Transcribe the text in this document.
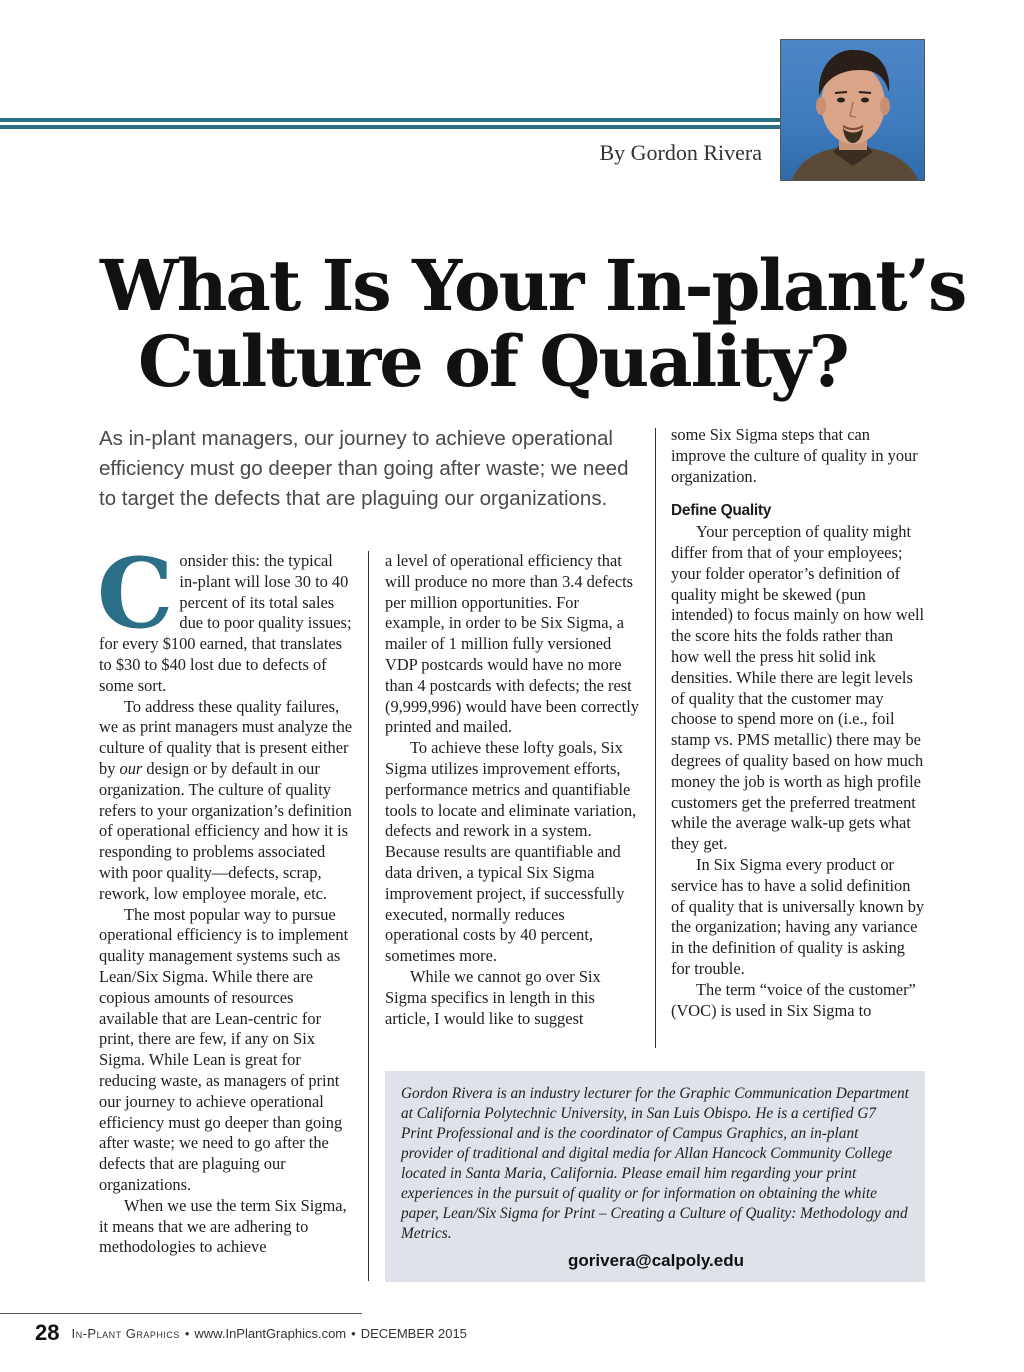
By Gordon Rivera
What Is Your In-plant’s
Culture of Quality?
As in-plant managers, our journey to achieve operational efficiency must go deeper than going after waste; we need to target the defects that are plaguing our organizations.

Consider this: the typical in-plant will lose 30 to 40 percent of its total sales due to poor quality issues; for every $100 earned, that translates to $30 to $40 lost due to defects of some sort.

To address these quality failures, we as print managers must analyze the culture of quality that is present either by our design or by default in our organization. The culture of quality refers to your organization’s definition of operational efficiency and how it is responding to problems associated with poor quality—defects, scrap, rework, low employee morale, etc.

The most popular way to pursue operational efficiency is to implement quality management systems such as Lean/Six Sigma. While there are copious amounts of resources available that are Lean-centric for print, there are few, if any on Six Sigma. While Lean is great for reducing waste, as managers of print our journey to achieve operational efficiency must go deeper than going after waste; we need to go after the defects that are plaguing our organizations.

When we use the term Six Sigma, it means that we are adhering to methodologies to achieve

a level of operational efficiency that will produce no more than 3.4 defects per million opportunities. For example, in order to be Six Sigma, a mailer of 1 million fully versioned VDP postcards would have no more than 4 postcards with defects; the rest (9,999,996) would have been correctly printed and mailed.

To achieve these lofty goals, Six Sigma utilizes improvement efforts, performance metrics and quantifiable tools to locate and eliminate variation, defects and rework in a system. Because results are quantifiable and data driven, a typical Six Sigma improvement project, if successfully executed, normally reduces operational costs by 40 percent, sometimes more.

While we cannot go over Six Sigma specifics in length in this article, I would like to suggest

some Six Sigma steps that can improve the culture of quality in your organization.

Define Quality

Your perception of quality might differ from that of your employees; your folder operator’s definition of quality might be skewed (pun intended) to focus mainly on how well the score hits the folds rather than how well the press hit solid ink densities. While there are legit levels of quality that the customer may choose to spend more on (i.e., foil stamp vs. PMS metallic) there may be degrees of quality based on how much money the job is worth as high profile customers get the preferred treatment while the average walk-up gets what they get.

In Six Sigma every product or service has to have a solid definition of quality that is universally known by the organization; having any variance in the definition of quality is asking for trouble.

The term “voice of the customer” (VOC) is used in Six Sigma to

Gordon Rivera is an industry lecturer for the Graphic Communication Department at California Polytechnic University, in San Luis Obispo. He is a certified G7 Print Professional and is the coordinator of Campus Graphics, an in-plant provider of traditional and digital media for Allan Hancock Community College located in Santa Maria, California. Please email him regarding your print experiences in the pursuit of quality or for information on obtaining the white paper, Lean/Six Sigma for Print – Creating a Culture of Quality: Methodology and Metrics.
gorivera@calpoly.edu
28 In-Plant Graphics • www.InPlantGraphics.com • DECEMBER 2015
